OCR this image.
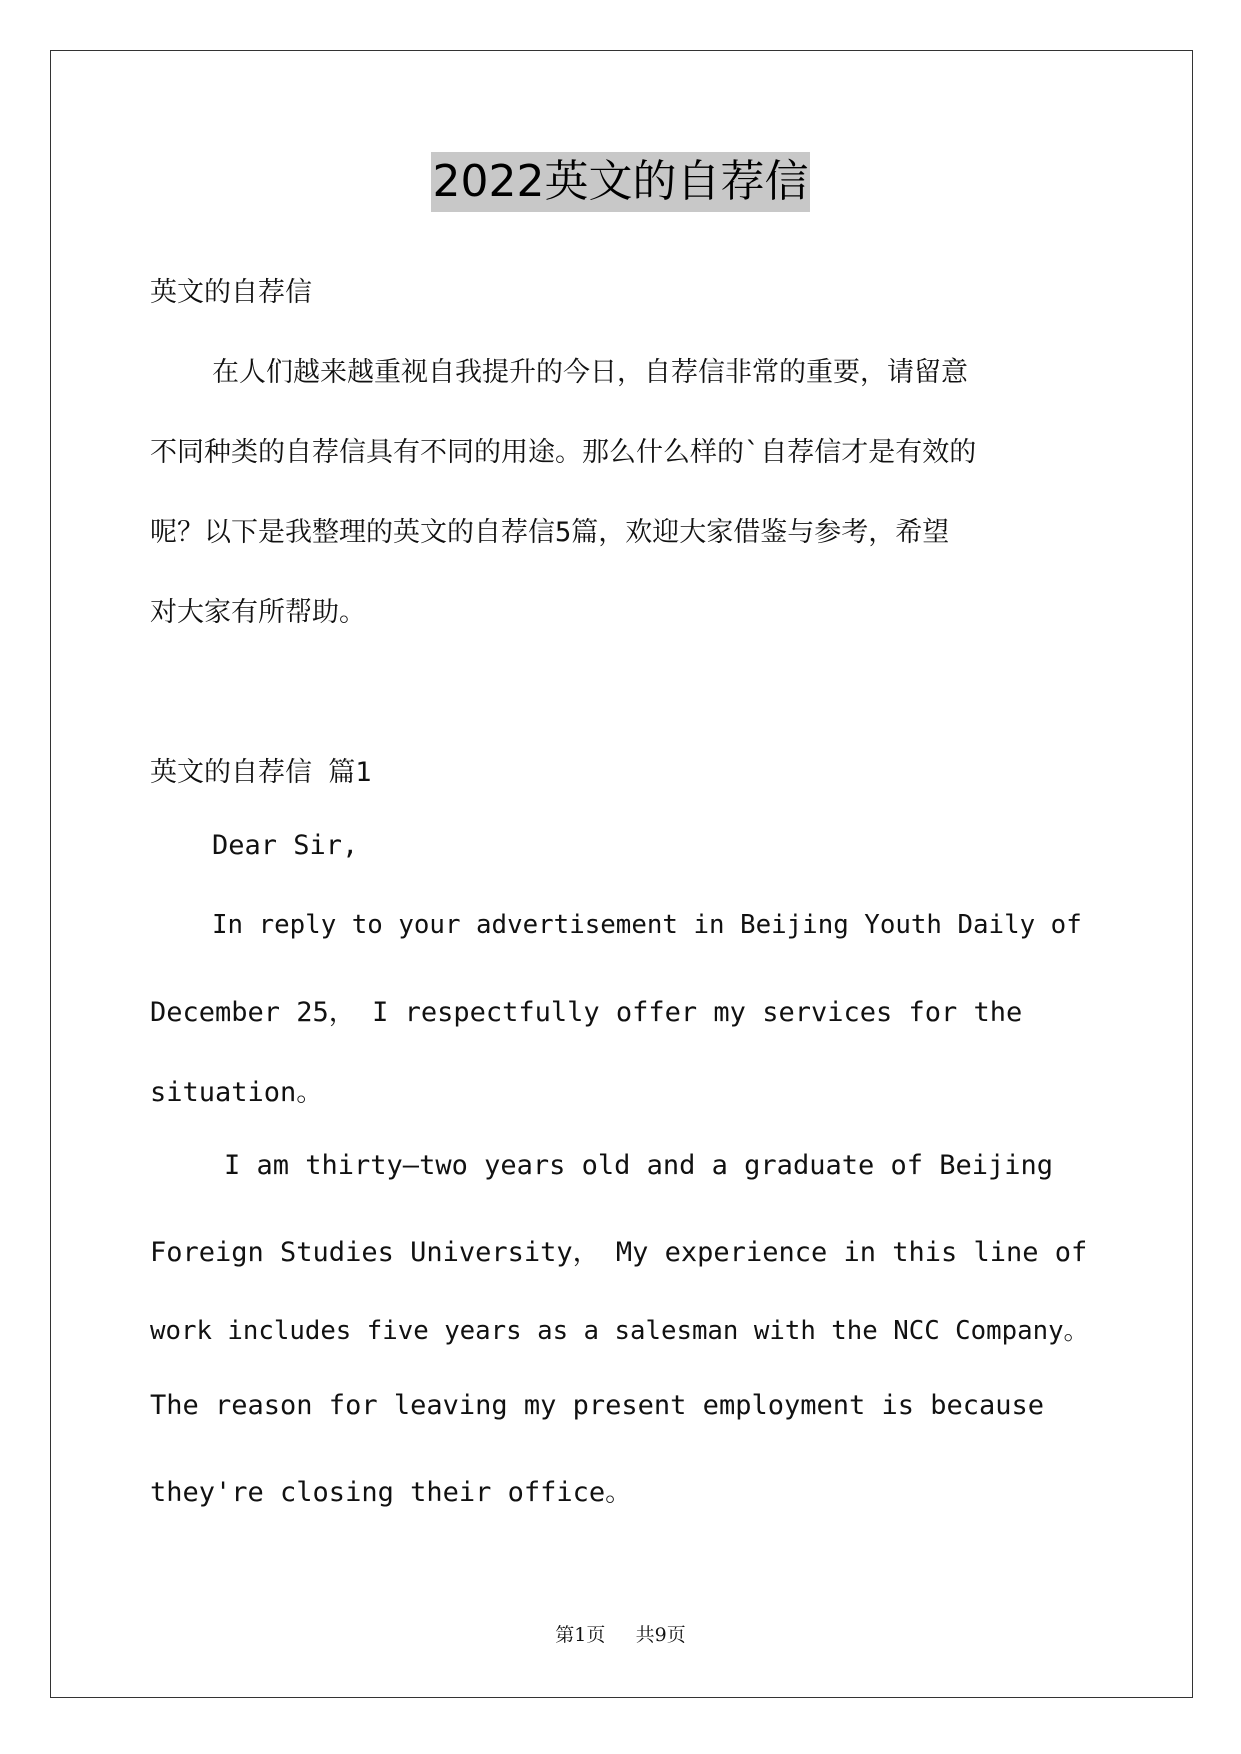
2022英文的自荐信
英文的自荐信
在人们越来越重视自我提升的今日，自荐信非常的重要，请留意
不同种类的自荐信具有不同的用途。那么什么样的`自荐信才是有效的
呢？以下是我整理的英文的自荐信5篇，欢迎大家借鉴与参考，希望
对大家有所帮助。
英文的自荐信 篇1
Dear Sir,
In reply to your advertisement in Beijing Youth Daily of
December 25， I respectfully offer my services for the
situation。
I am thirty—two years old and a graduate of Beijing
Foreign Studies University， My experience in this line of
work includes five years as a salesman with the NCC Company。
The reason for leaving my present employment is because
they're closing their office。
第1页 共9页
